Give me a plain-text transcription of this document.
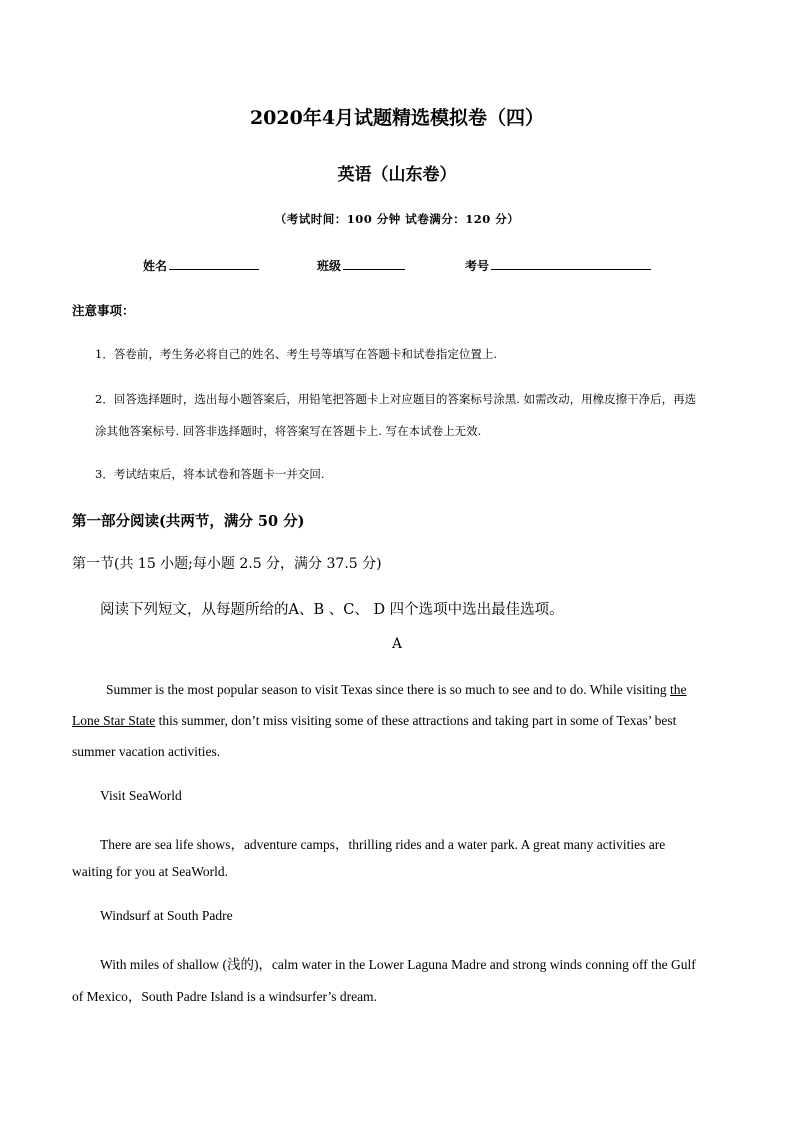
2020年4月试题精选模拟卷（四）
英语（山东卷）
（考试时间：100 分钟 试卷满分：120 分）
姓名	班级	考号
注意事项：
1．答卷前，考生务必将自己的姓名、考生号等填写在答题卡和试卷指定位置上.
2．回答选择题时，选出每小题答案后，用铅笔把答题卡上对应题目的答案标号涂黑. 如需改动，用橡皮擦干净后，再选
涂其他答案标号. 回答非选择题时，将答案写在答题卡上. 写在本试卷上无效.
3．考试结束后，将本试卷和答题卡一并交回.
第一部分阅读(共两节，满分 50 分)
第一节(共 15 小题;每小题 2.5 分，满分 37.5 分)
阅读下列短文，从每题所给的A、B 、C、 D 四个选项中选出最佳选项。
A
Summer is the most popular season to visit Texas since there is so much to see and to do. While visiting the
Lone Star State this summer, don’t miss visiting some of these attractions and taking part in some of Texas’ best
summer vacation activities.
Visit SeaWorld
There are sea life shows，adventure camps，thrilling rides and a water park. A great many activities are
waiting for you at SeaWorld.
Windsurf at South Padre
With miles of shallow (浅的)，calm water in the Lower Laguna Madre and strong winds conning off the Gulf
of Mexico，South Padre Island is a windsurfer’s dream.
